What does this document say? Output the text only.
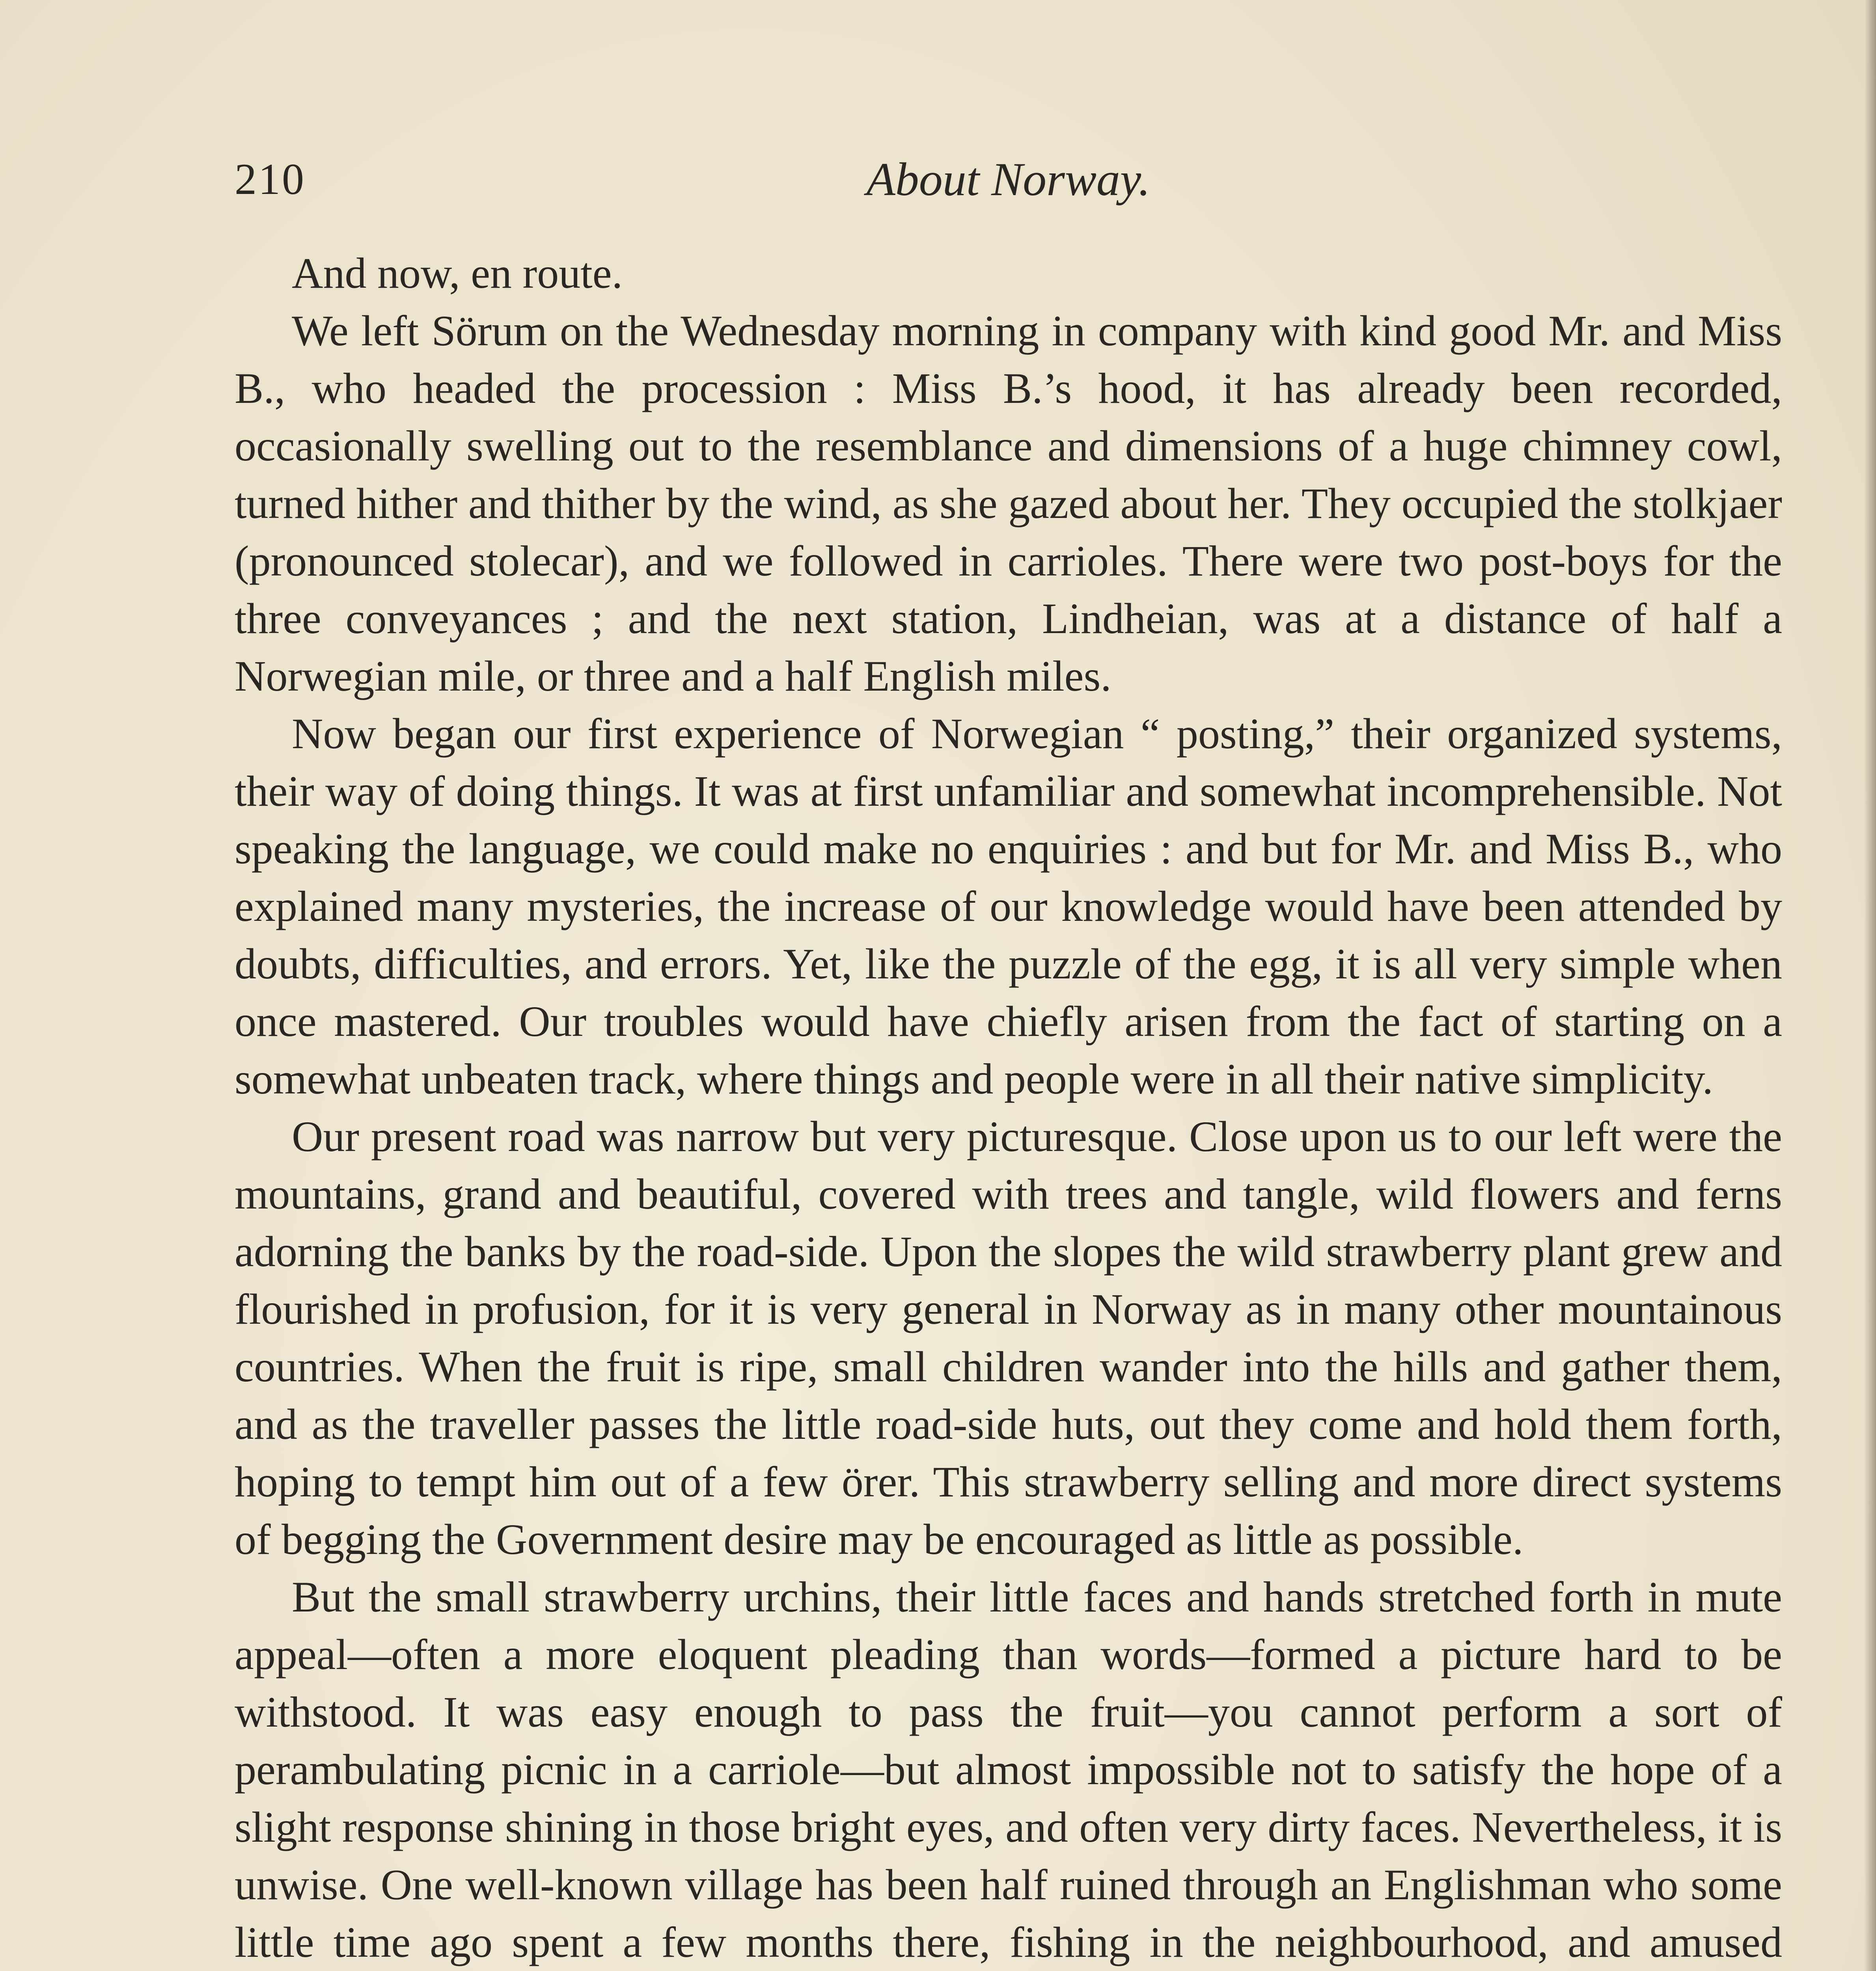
210	About Norway.

And now, en route.

We left Sörum on the Wednesday morning in company with kind good Mr. and Miss B., who headed the procession : Miss B.’s hood, it has already been recorded, occasionally swelling out to the resemblance and dimensions of a huge chimney cowl, turned hither and thither by the wind, as she gazed about her. They occupied the stolkjaer (pronounced stolecar), and we followed in carrioles. There were two post-boys for the three conveyances ; and the next station, Lindheian, was at a distance of half a Norwegian mile, or three and a half English miles.

Now began our first experience of Norwegian “ posting,” their organized systems, their way of doing things. It was at first unfamiliar and somewhat incomprehensible. Not speaking the language, we could make no enquiries : and but for Mr. and Miss B., who explained many mysteries, the increase of our knowledge would have been attended by doubts, difficulties, and errors. Yet, like the puzzle of the egg, it is all very simple when once mastered. Our troubles would have chiefly arisen from the fact of starting on a somewhat unbeaten track, where things and people were in all their native simplicity.

Our present road was narrow but very picturesque. Close upon us to our left were the mountains, grand and beautiful, covered with trees and tangle, wild flowers and ferns adorning the banks by the road-side. Upon the slopes the wild strawberry plant grew and flourished in profusion, for it is very general in Norway as in many other mountainous countries. When the fruit is ripe, small children wander into the hills and gather them, and as the traveller passes the little road-side huts, out they come and hold them forth, hoping to tempt him out of a few örer. This strawberry selling and more direct systems of begging the Government desire may be encouraged as little as possible.

But the small strawberry urchins, their little faces and hands stretched forth in mute appeal—often a more eloquent pleading than words—formed a picture hard to be withstood. It was easy enough to pass the fruit—you cannot perform a sort of perambulating picnic in a carriole—but almost impossible not to satisfy the hope of a slight response shining in those bright eyes, and often very dirty faces. Nevertheless, it is unwise. One well-known village has been half ruined through an Englishman who some little time ago spent a few months there, fishing in the neighbourhood, and amused
